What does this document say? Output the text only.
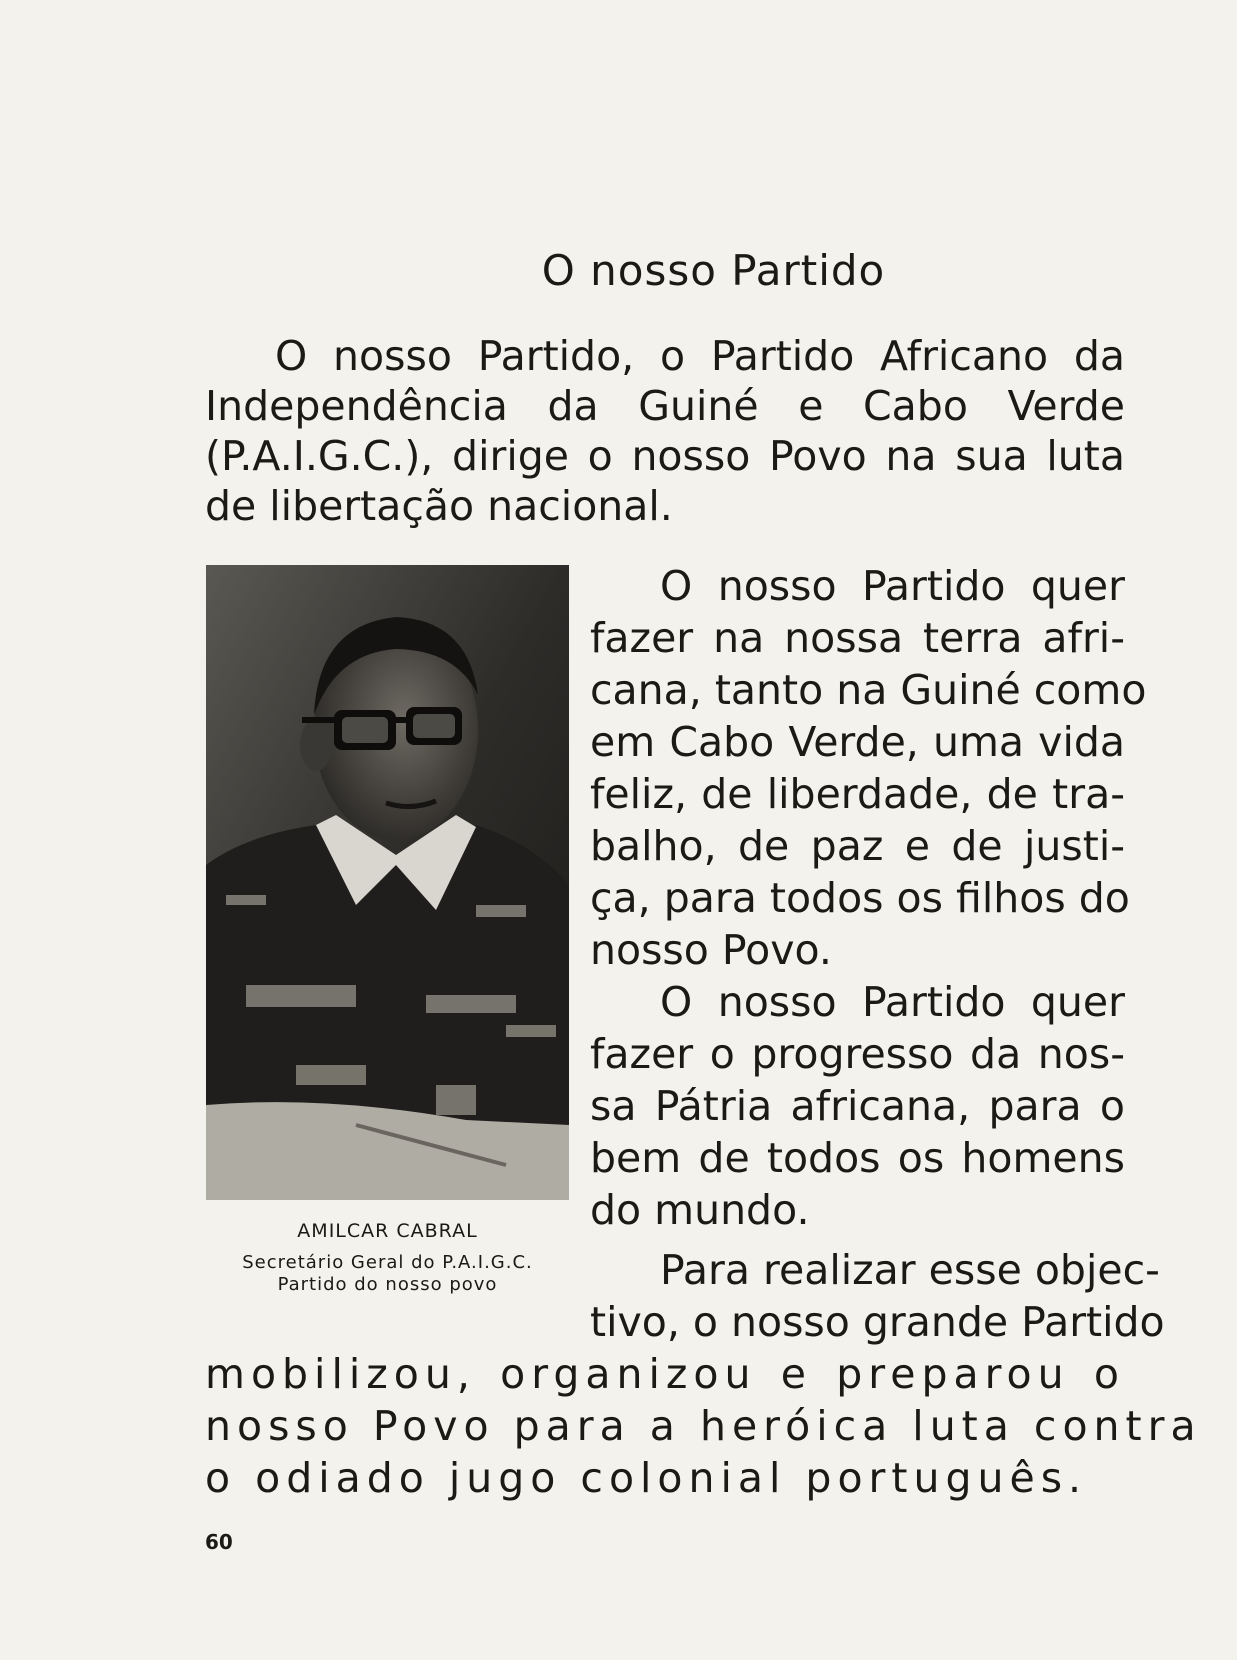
O nosso Partido
O nosso Partido, o Partido Africano da
Independência da Guiné e Cabo Verde
(P.A.I.G.C.), dirige o nosso Povo na sua luta
de libertação nacional.
AMILCAR CABRAL
Secretário Geral do P.A.I.G.C.
Partido do nosso povo
O nosso Partido quer
fazer na nossa terra afri-
cana, tanto na Guiné como
em Cabo Verde, uma vida
feliz, de liberdade, de tra-
balho, de paz e de justi-
ça, para todos os filhos do
nosso Povo.
O nosso Partido quer
fazer o progresso da nos-
sa Pátria africana, para o
bem de todos os homens
do mundo.
Para realizar esse objec-
tivo, o nosso grande Partido
mobilizou, organizou e preparou o
nosso Povo para a heróica luta contra
o odiado jugo colonial português.
60
